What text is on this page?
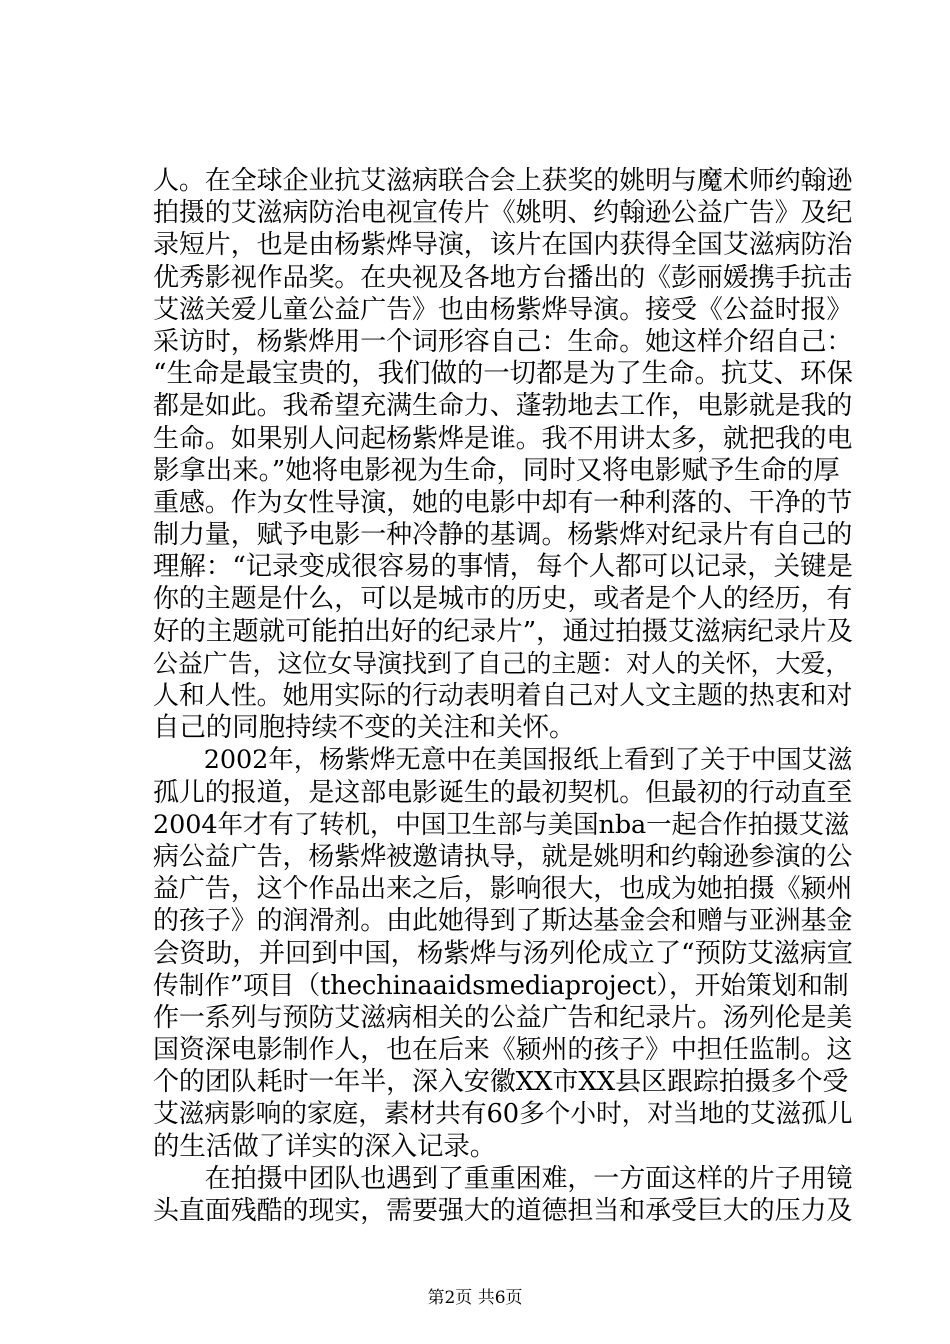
人。在全球企业抗艾滋病联合会上获奖的姚明与魔术师约翰逊
拍摄的艾滋病防治电视宣传片《姚明、约翰逊公益广告》及纪
录短片，也是由杨紫烨导演，该片在国内获得全国艾滋病防治
优秀影视作品奖。在央视及各地方台播出的《彭丽媛携手抗击
艾滋关爱儿童公益广告》也由杨紫烨导演。接受《公益时报》
采访时，杨紫烨用一个词形容自己：生命。她这样介绍自己：
“生命是最宝贵的，我们做的一切都是为了生命。抗艾、环保
都是如此。我希望充满生命力、蓬勃地去工作，电影就是我的
生命。如果别人问起杨紫烨是谁。我不用讲太多，就把我的电
影拿出来。”她将电影视为生命，同时又将电影赋予生命的厚
重感。作为女性导演，她的电影中却有一种利落的、干净的节
制力量，赋予电影一种冷静的基调。杨紫烨对纪录片有自己的
理解：“记录变成很容易的事情，每个人都可以记录，关键是
你的主题是什么，可以是城市的历史，或者是个人的经历，有
好的主题就可能拍出好的纪录片”，通过拍摄艾滋病纪录片及
公益广告，这位女导演找到了自己的主题：对人的关怀，大爱，
人和人性。她用实际的行动表明着自己对人文主题的热衷和对
自己的同胞持续不变的关注和关怀。
　　2002年，杨紫烨无意中在美国报纸上看到了关于中国艾滋
孤儿的报道，是这部电影诞生的最初契机。但最初的行动直至
2004年才有了转机，中国卫生部与美国nba一起合作拍摄艾滋
病公益广告，杨紫烨被邀请执导，就是姚明和约翰逊参演的公
益广告，这个作品出来之后，影响很大，也成为她拍摄《颍州
的孩子》的润滑剂。由此她得到了斯达基金会和赠与亚洲基金
会资助，并回到中国，杨紫烨与汤列伦成立了“预防艾滋病宣
传制作”项目（thechinaaidsmediaproject），开始策划和制
作一系列与预防艾滋病相关的公益广告和纪录片。汤列伦是美
国资深电影制作人，也在后来《颍州的孩子》中担任监制。这
个的团队耗时一年半，深入安徽XX市XX县区跟踪拍摄多个受
艾滋病影响的家庭，素材共有60多个小时，对当地的艾滋孤儿
的生活做了详实的深入记录。
　　在拍摄中团队也遇到了重重困难，一方面这样的片子用镜
头直面残酷的现实，需要强大的道德担当和承受巨大的压力及
第2页 共6页
